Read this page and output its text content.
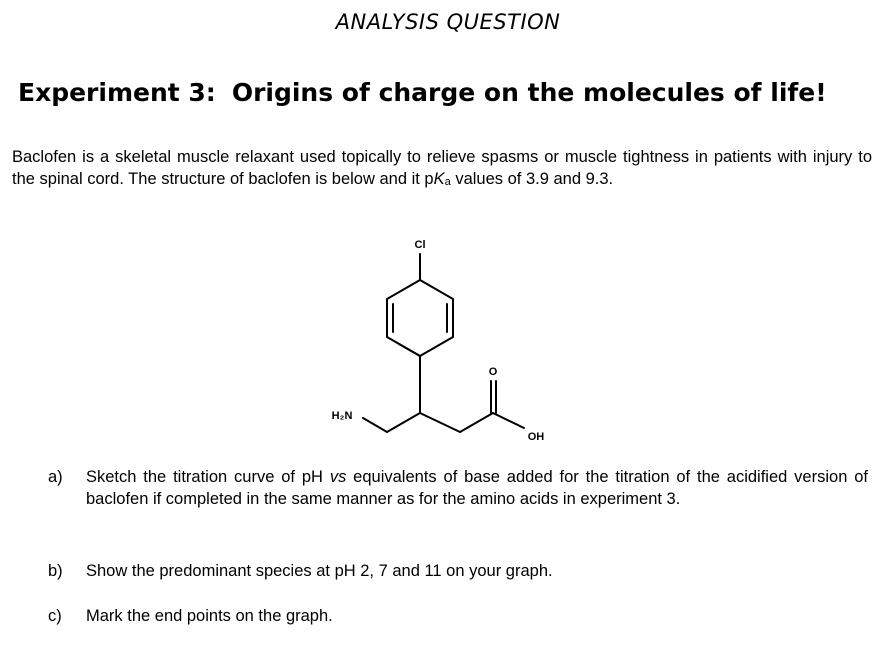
ANALYSIS QUESTION
Experiment 3: Origins of charge on the molecules of life!
Baclofen is a skeletal muscle relaxant used topically to relieve spasms or muscle tightness in patients with injury to the spinal cord. The structure of baclofen is below and it $pK_a$ values of 3.9 and 9.3.
Cl
H₂N
O
OH
a) Sketch the titration curve of pH vs equivalents of base added for the titration of the acidified version of baclofen if completed in the same manner as for the amino acids in experiment 3.
b) Show the predominant species at pH 2, 7 and 11 on your graph.
c) Mark the end points on the graph.
